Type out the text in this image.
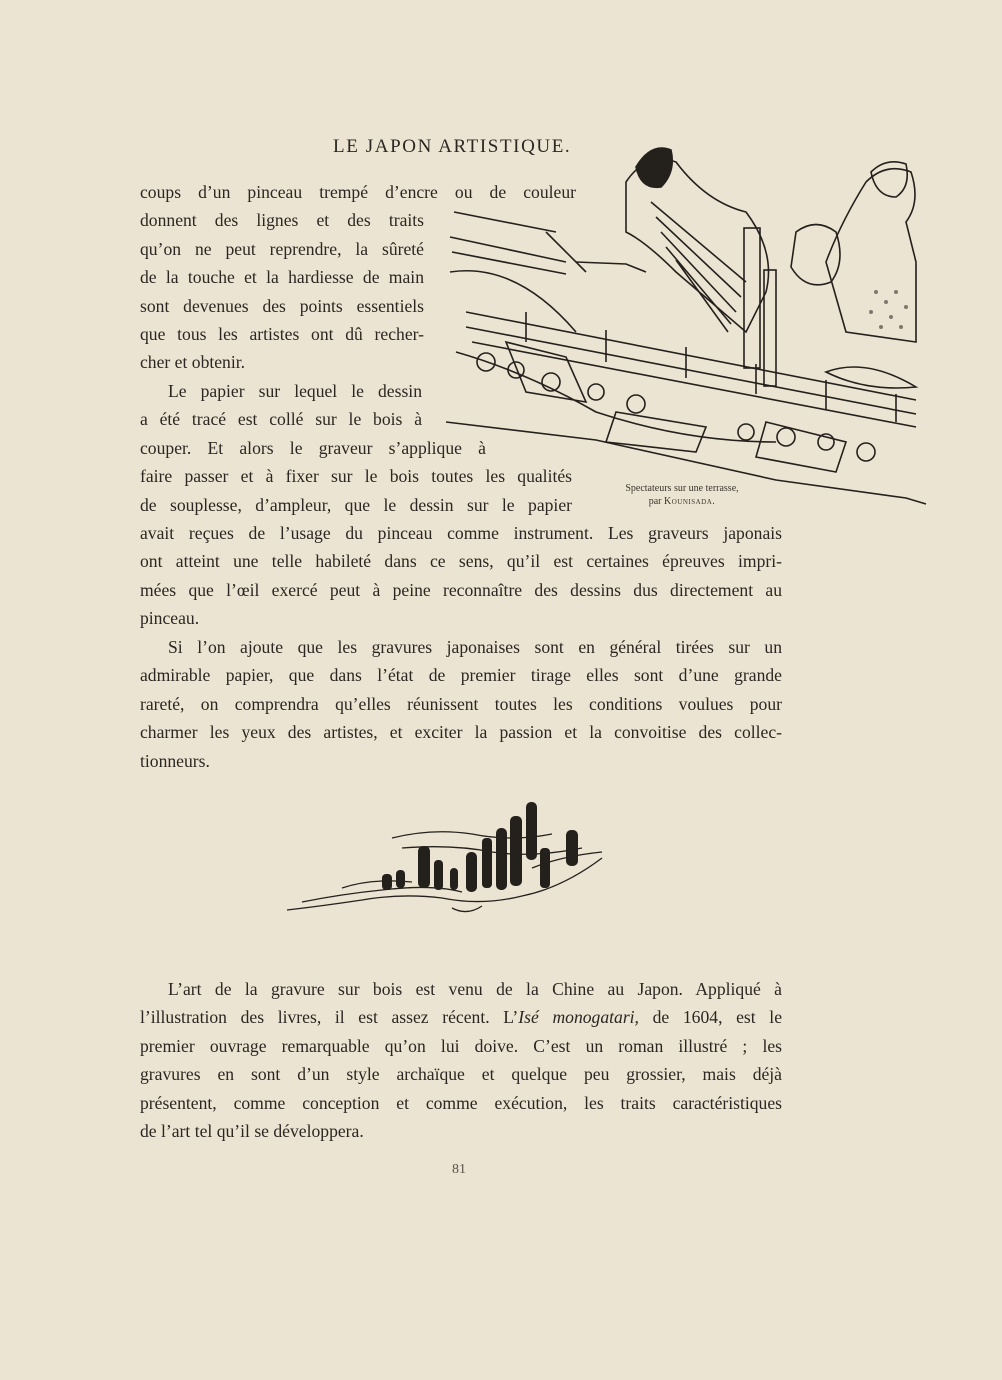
LE JAPON ARTISTIQUE.
Spectateurs sur une terrasse,
par Kounisada.
coups d’un pinceau trempé d’encre ou de couleur
donnent des lignes et des traits
qu’on ne peut reprendre, la sûreté
de la touche et la hardiesse de main
sont devenues des points essentiels
que tous les artistes ont dû recher-
cher et obtenir.
Le papier sur lequel le dessin
a été tracé est collé sur le bois à
couper. Et alors le graveur s’applique à
faire passer et à fixer sur le bois toutes les qualités
de souplesse, d’ampleur, que le dessin sur le papier
avait reçues de l’usage du pinceau comme instrument. Les graveurs japonais
ont atteint une telle habileté dans ce sens, qu’il est certaines épreuves impri-
mées que l’œil exercé peut à peine reconnaître des dessins dus directement au
pinceau.
Si l’on ajoute que les gravures japonaises sont en général tirées sur un
admirable papier, que dans l’état de premier tirage elles sont d’une grande
rareté, on comprendra qu’elles réunissent toutes les conditions voulues pour
charmer les yeux des artistes, et exciter la passion et la convoitise des collec-
tionneurs.
L’art de la gravure sur bois est venu de la Chine au Japon. Appliqué à
l’illustration des livres, il est assez récent. L’Isé monogatari, de 1604, est le
premier ouvrage remarquable qu’on lui doive. C’est un roman illustré ; les
gravures en sont d’un style archaïque et quelque peu grossier, mais déjà
présentent, comme conception et comme exécution, les traits caractéristiques
de l’art tel qu’il se développera.
81
